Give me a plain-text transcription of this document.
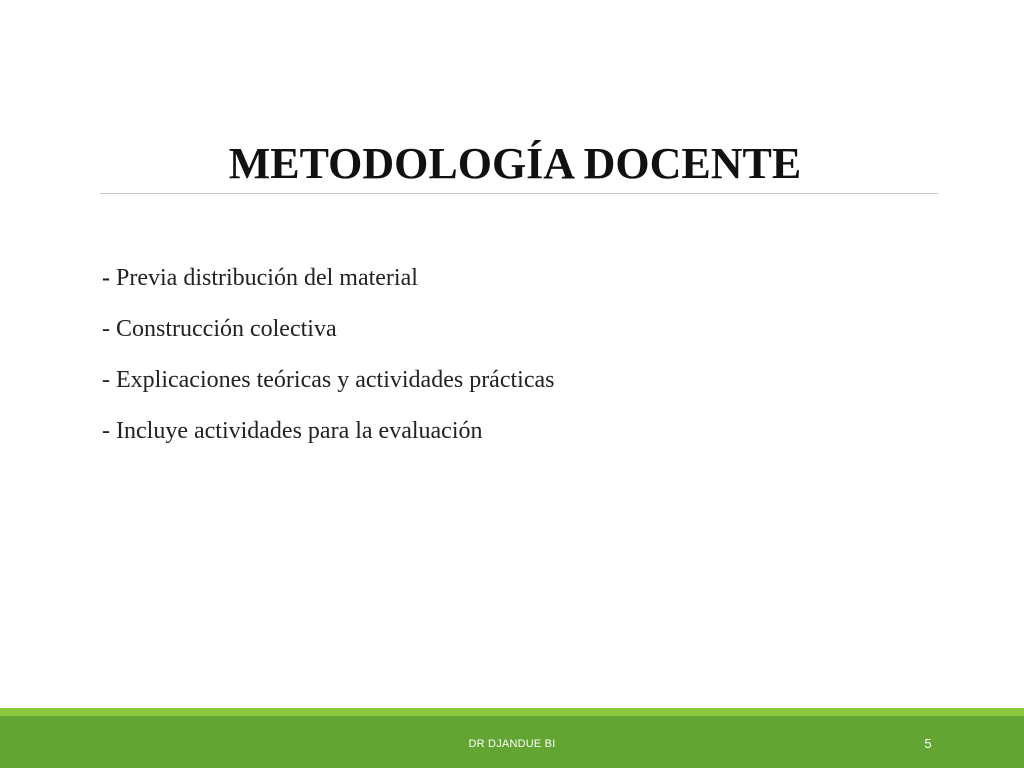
METODOLOGÍA DOCENTE
- Previa distribución del material
- Construcción colectiva
- Explicaciones teóricas y actividades prácticas
- Incluye actividades para la evaluación
DR DJANDUE BI	5
